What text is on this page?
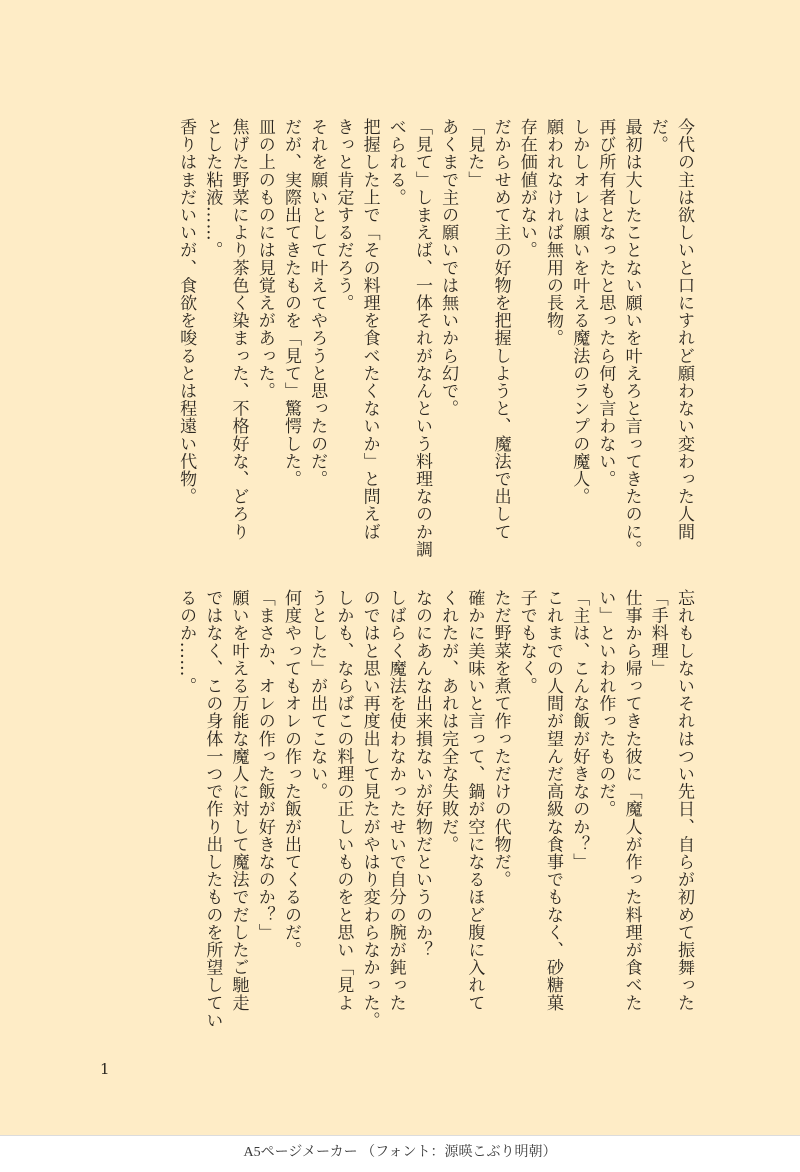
今代の主は欲しいと口にすれど願わない変わった人間
だ。
最初は大したことない願いを叶えろと言ってきたのに。
再び所有者となったと思ったら何も言わない。
しかしオレは願いを叶える魔法のランプの魔人。
願われなければ無用の長物。
存在価値がない。
だからせめて主の好物を把握しようと、魔法で出して
「見た」
あくまで主の願いでは無いから幻で。
「見て」しまえば、一体それがなんという料理なのか調
べられる。
把握した上で「その料理を食べたくないか」と問えば
きっと肯定するだろう。
それを願いとして叶えてやろうと思ったのだ。
だが、実際出てきたものを「見て」驚愕した。
皿の上のものには見覚えがあった。
焦げた野菜により茶色く染まった、不格好な、どろり
とした粘液……。
香りはまだいいが、食欲を唆るとは程遠い代物。
忘れもしないそれはつい先日、自らが初めて振舞った
「手料理」
仕事から帰ってきた彼に「魔人が作った料理が食べた
い」といわれ作ったものだ。
「主は、こんな飯が好きなのか？」
これまでの人間が望んだ高級な食事でもなく、砂糖菓
子でもなく。
ただ野菜を煮て作っただけの代物だ。
確かに美味いと言って、鍋が空になるほど腹に入れて
くれたが、あれは完全な失敗だ。
なのにあんな出来損ないが好物だというのか？
しばらく魔法を使わなかったせいで自分の腕が鈍った
のではと思い再度出して見たがやはり変わらなかった。
しかも、ならばこの料理の正しいものをと思い「見よ
うとした」が出てこない。
何度やってもオレの作った飯が出てくるのだ。
「まさか、オレの作った飯が好きなのか？」
願いを叶える万能な魔人に対して魔法でだしたご馳走
ではなく、この身体一つで作り出したものを所望してい
るのか……。
1
A5ページメーカー （フォント：源暎こぶり明朝）
